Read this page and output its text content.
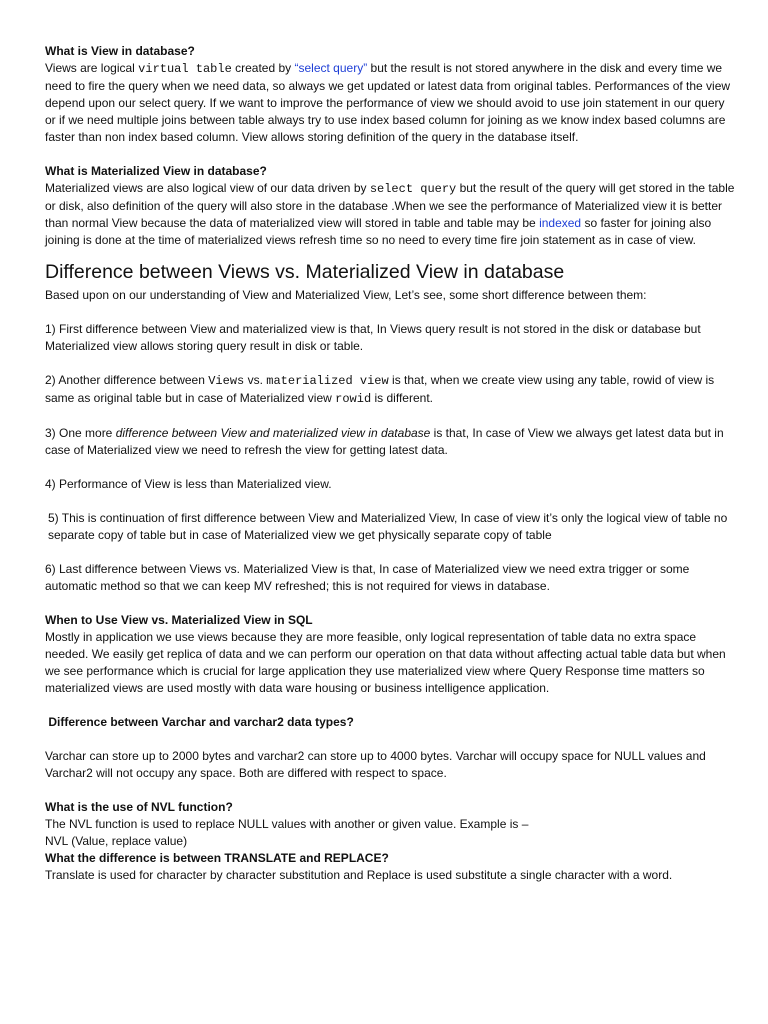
What is View in database?

Views are logical virtual table created by “select query” but the result is not stored anywhere in the disk and every time we need to fire the query when we need data, so always we get updated or latest data from original tables. Performances of the view depend upon our select query. If we want to improve the performance of view we should avoid to use join statement in our query or if we need multiple joins between table always try to use index based column for joining as we know index based columns are faster than non index based column. View allows storing definition of the query in the database itself.

What is Materialized View in database?

Materialized views are also logical view of our data driven by select query but the result of the query will get stored in the table or disk, also definition of the query will also store in the database .When we see the performance of Materialized view it is better than normal View because the data of materialized view will stored in table and table may be indexed so faster for joining also joining is done at the time of materialized views refresh time so no need to every time fire join statement as in case of view.

Difference between Views vs. Materialized View in database

Based upon on our understanding of View and Materialized View, Let’s see, some short difference between them:

1) First difference between View and materialized view is that, In Views query result is not stored in the disk or database but Materialized view allows storing query result in disk or table.

2) Another difference between Views vs. materialized view is that, when we create view using any table, rowid of view is same as original table but in case of Materialized view rowid is different.

3) One more difference between View and materialized view in database is that, In case of View we always get latest data but in case of Materialized view we need to refresh the view for getting latest data.

4) Performance of View is less than Materialized view.

5) This is continuation of first difference between View and Materialized View, In case of view it’s only the logical view of table no separate copy of table but in case of Materialized view we get physically separate copy of table

6) Last difference between Views vs. Materialized View is that, In case of Materialized view we need extra trigger or some automatic method so that we can keep MV refreshed; this is not required for views in database.

When to Use View vs. Materialized View in SQL

Mostly in application we use views because they are more feasible, only logical representation of table data no extra space needed. We easily get replica of data and we can perform our operation on that data without affecting actual table data but when we see performance which is crucial for large application they use materialized view where Query Response time matters so materialized views are used mostly with data ware housing or business intelligence application.

Difference between Varchar and varchar2 data types?

Varchar can store up to 2000 bytes and varchar2 can store up to 4000 bytes. Varchar will occupy space for NULL values and Varchar2 will not occupy any space. Both are differed with respect to space.

What is the use of NVL function?

The NVL function is used to replace NULL values with another or given value. Example is –

NVL (Value, replace value)

What the difference is between TRANSLATE and REPLACE?

Translate is used for character by character substitution and Replace is used substitute a single character with a word.
